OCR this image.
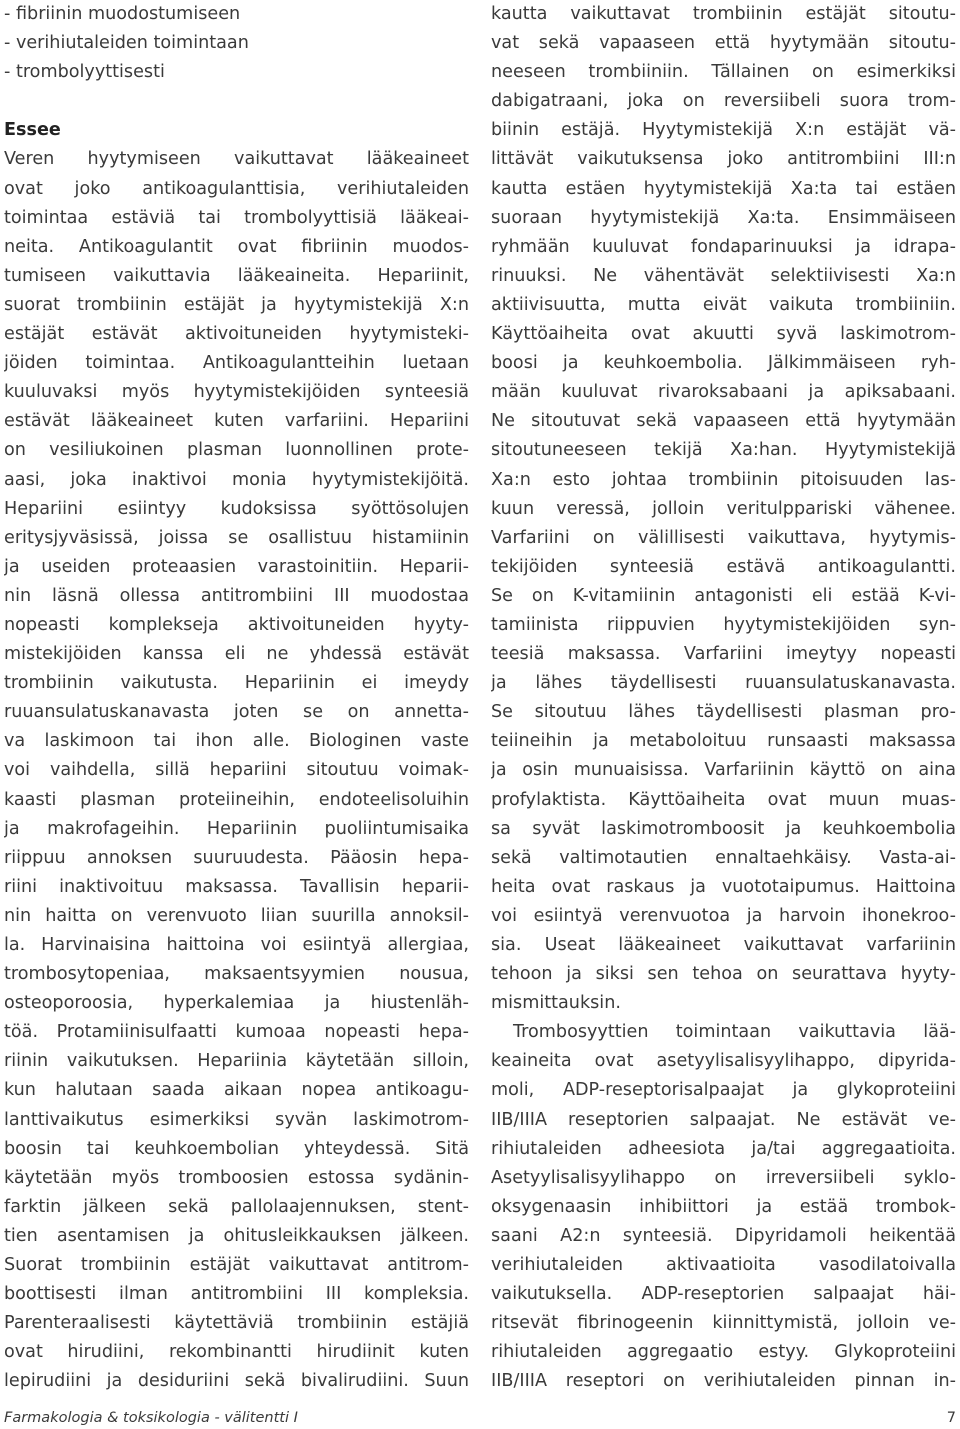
- fibriinin muodostumiseen
- verihiutaleiden toimintaan
- trombolyyttisesti
Essee
Veren hyytymiseen vaikuttavat lääkeaineet
ovat joko antikoagulanttisia, verihiutaleiden
toimintaa estäviä tai trombolyyttisiä lääkeai-
neita. Antikoagulantit ovat fibriinin muodos-
tumiseen vaikuttavia lääkeaineita. Hepariinit,
suorat trombiinin estäjät ja hyytymistekijä X:n
estäjät estävät aktivoituneiden hyytymisteki-
jöiden toimintaa. Antikoagulantteihin luetaan
kuuluvaksi myös hyytymistekijöiden synteesiä
estävät lääkeaineet kuten varfariini. Hepariini
on vesiliukoinen plasman luonnollinen prote-
aasi, joka inaktivoi monia hyytymistekijöitä.
Hepariini esiintyy kudoksissa syöttösolujen
eritysjyväsissä, joissa se osallistuu histamiinin
ja useiden proteaasien varastoinitiin. Heparii-
nin läsnä ollessa antitrombiini III muodostaa
nopeasti komplekseja aktivoituneiden hyyty-
mistekijöiden kanssa eli ne yhdessä estävät
trombiinin vaikutusta. Hepariinin ei imeydy
ruuansulatuskanavasta joten se on annetta-
va laskimoon tai ihon alle. Biologinen vaste
voi vaihdella, sillä hepariini sitoutuu voimak-
kaasti plasman proteiineihin, endoteelisoluihin
ja makrofageihin. Hepariinin puoliintumisaika
riippuu annoksen suuruudesta. Pääosin hepa-
riini inaktivoituu maksassa. Tavallisin heparii-
nin haitta on verenvuoto liian suurilla annoksil-
la. Harvinaisina haittoina voi esiintyä allergiaa,
trombosytopeniaa, maksaentsyymien nousua,
osteoporoosia, hyperkalemiaa ja hiustenläh-
töä. Protamiinisulfaatti kumoaa nopeasti hepa-
riinin vaikutuksen. Hepariinia käytetään silloin,
kun halutaan saada aikaan nopea antikoagu-
lanttivaikutus esimerkiksi syvän laskimotrom-
boosin tai keuhkoembolian yhteydessä. Sitä
käytetään myös tromboosien estossa sydänin-
farktin jälkeen sekä pallolaajennuksen, stent-
tien asentamisen ja ohitusleikkauksen jälkeen.
Suorat trombiinin estäjät vaikuttavat antitrom-
boottisesti ilman antitrombiini III kompleksia.
Parenteraalisesti käytettäviä trombiinin estäjiä
ovat hirudiini, rekombinantti hirudiinit kuten
lepirudiini ja desiduriini sekä bivalirudiini. Suun
kautta vaikuttavat trombiinin estäjät sitoutu-
vat sekä vapaaseen että hyytymään sitoutu-
neeseen trombiiniin. Tällainen on esimerkiksi
dabigatraani, joka on reversiibeli suora trom-
biinin estäjä. Hyytymistekijä X:n estäjät vä-
littävät vaikutuksensa joko antitrombiini III:n
kautta estäen hyytymistekijä Xa:ta tai estäen
suoraan hyytymistekijä Xa:ta. Ensimmäiseen
ryhmään kuuluvat fondaparinuuksi ja idrapa-
rinuuksi. Ne vähentävät selektiivisesti Xa:n
aktiivisuutta, mutta eivät vaikuta trombiiniin.
Käyttöaiheita ovat akuutti syvä laskimotrom-
boosi ja keuhkoembolia. Jälkimmäiseen ryh-
mään kuuluvat rivaroksabaani ja apiksabaani.
Ne sitoutuvat sekä vapaaseen että hyytymään
sitoutuneeseen tekijä Xa:han. Hyytymistekijä
Xa:n esto johtaa trombiinin pitoisuuden las-
kuun veressä, jolloin veritulppariski vähenee.
Varfariini on välillisesti vaikuttava, hyytymis-
tekijöiden synteesiä estävä antikoagulantti.
Se on K-vitamiinin antagonisti eli estää K-vi-
tamiinista riippuvien hyytymistekijöiden syn-
teesiä maksassa. Varfariini imeytyy nopeasti
ja lähes täydellisesti ruuansulatuskanavasta.
Se sitoutuu lähes täydellisesti plasman pro-
teiineihin ja metaboloituu runsaasti maksassa
ja osin munuaisissa. Varfariinin käyttö on aina
profylaktista. Käyttöaiheita ovat muun muas-
sa syvät laskimotromboosit ja keuhkoembolia
sekä valtimotautien ennaltaehkäisy. Vasta-ai-
heita ovat raskaus ja vuototaipumus. Haittoina
voi esiintyä verenvuotoa ja harvoin ihonekroo-
sia. Useat lääkeaineet vaikuttavat varfariinin
tehoon ja siksi sen tehoa on seurattava hyyty-
mismittauksin.
Trombosyyttien toimintaan vaikuttavia lää-
keaineita ovat asetyylisalisyylihappo, dipyrida-
moli, ADP-reseptorisalpaajat ja glykoproteiini
IIB/IIIA reseptorien salpaajat. Ne estävät ve-
rihiutaleiden adheesiota ja/tai aggregaatioita.
Asetyylisalisyylihappo on irreversiibeli syklo-
oksygenaasin inhibiittori ja estää trombok-
saani A2:n synteesiä. Dipyridamoli heikentää
verihiutaleiden aktivaatioita vasodilatoivalla
vaikutuksella. ADP-reseptorien salpaajat häi-
ritsevät fibrinogeenin kiinnittymistä, jolloin ve-
rihiutaleiden aggregaatio estyy. Glykoproteiini
IIB/IIIA reseptori on verihiutaleiden pinnan in-
Farmakologia & toksikologia - välitentti I	7
